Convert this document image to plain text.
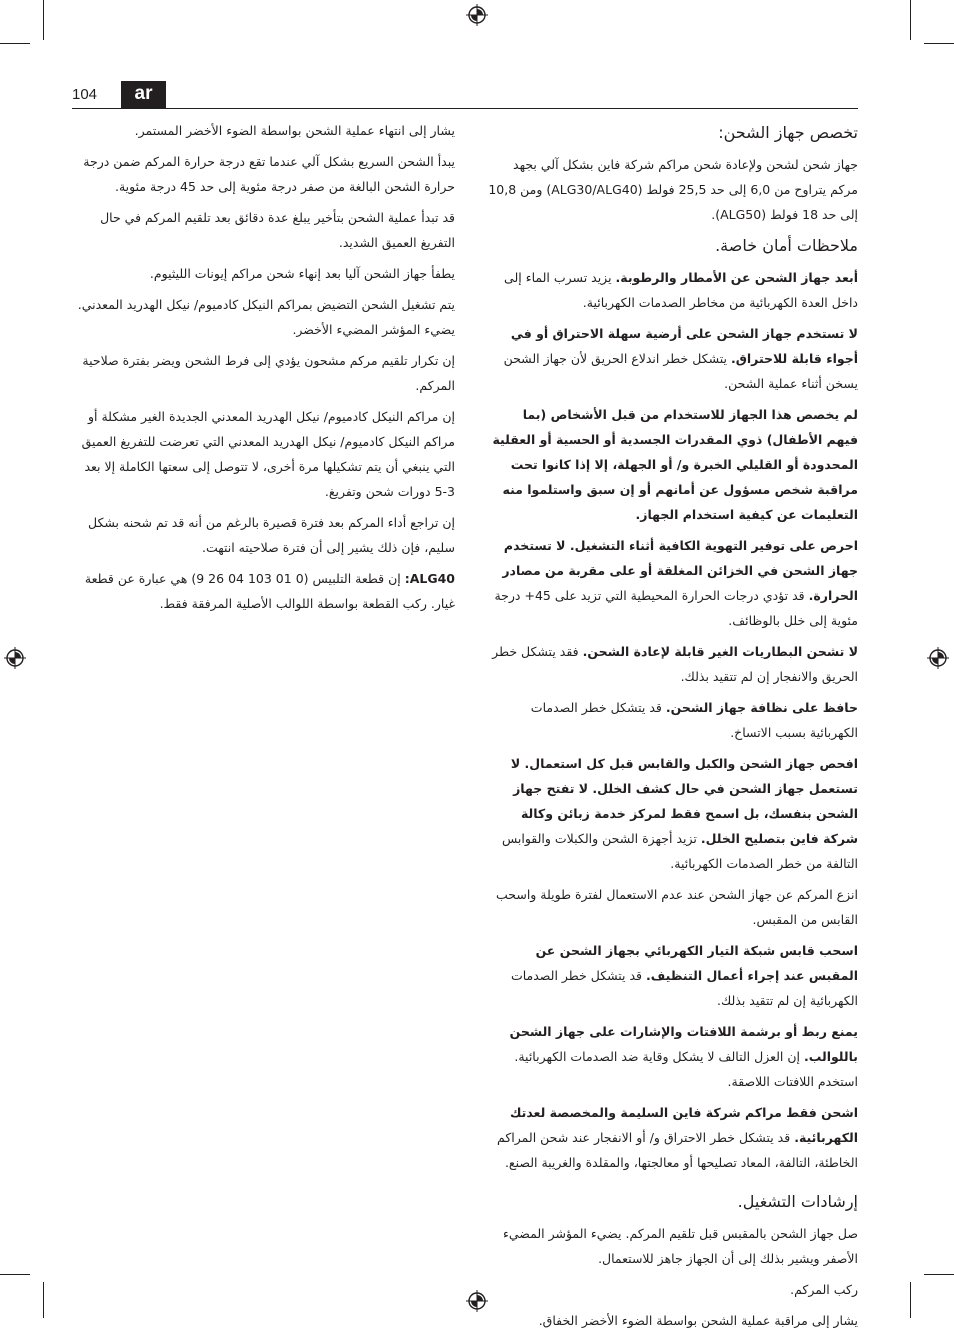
104	ar
تخصص جهاز الشحن:

جهاز شحن لشحن ولإعادة شحن مراكم شركة فاين بشكل آلي بجهد مركم يتراوح من 6,0 إلى حد 25,5 فولط (ALG30/ALG40) ومن 10,8 إلى حد 18 فولط (ALG50).

ملاحظات أمان خاصة.

أبعد جهاز الشحن عن الأمطار والرطوبة. يزيد تسرب الماء إلى داخل العدة الكهربائية من مخاطر الصدمات الكهربائية.

لا تستخدم جهاز الشحن على أرضية سهلة الاحتراق أو في أجواء قابلة للاحتراق. يتشكل خطر اندلاع الحريق لأن جهاز الشحن يسخن أثناء عملية الشحن.

لم يخصص هذا الجهاز للاستخدام من قبل الأشخاص (بما فيهم الأطفال) ذوي المقدرات الجسدية أو الحسية أو العقلية المحدودة أو القليلي الخبرة و/ أو الجهلة، إلا إذا كانوا تحت مراقبة شخص مسؤول عن أمانهم أو إن سبق واستلموا منه التعليمات عن كيفية استخدام الجهاز.

احرص على توفير التهوية الكافية أثناء التشغيل. لا تستخدم جهاز الشحن في الخزائن المغلقة أو على مقربة من مصادر الحرارة. قد تؤدي درجات الحرارة المحيطية التي تزيد على 45+ درجة مئوية إلى خلل بالوظائف.

لا تشحن البطاريات الغير قابلة لإعادة الشحن. فقد يتشكل خطر الحريق والانفجار إن لم تتقيد بذلك.

حافظ على نظافة جهاز الشحن. قد يتشكل خطر الصدمات الكهربائية بسبب الاتساخ.

افحص جهاز الشحن والكبل والقابس قبل كل استعمال. لا تستعمل جهاز الشحن في حال كشف الخلل. لا تفتح جهاز الشحن بنفسك، بل اسمح فقط لمركز خدمة زبائن وكالة شركة فاين بتصليح الخلل. تزيد أجهزة الشحن والكبلات والقوابس التالفة من خطر الصدمات الكهربائية.

انزع المركم عن جهاز الشحن عند عدم الاستعمال لفترة طويلة واسحب القابس من المقبس.

اسحب قابس شبكة التيار الكهربائي بجهاز الشحن عن المقبس عند إجراء أعمال التنظيف. قد يتشكل خطر الصدمات الكهربائية إن لم تتقيد بذلك.

يمنع ربط أو برشمة اللافتات والإشارات على جهاز الشحن باللوالب. إن العزل التالف لا يشكل وقاية ضد الصدمات الكهربائية. استخدم اللافتات اللاصقة.

اشحن فقط مراكم شركة فاين السليمة والمخصصة لعدتك الكهربائية. قد يتشكل خطر الاحتراق و/ أو الانفجار عند شحن المراكم الخاطئة، التالفة، المعاد تصليحها أو معالجتها، والمقلدة والغريبة الصنع.

إرشادات التشغيل.

صل جهاز الشحن بالمقبس قبل تلقيم المركم. يضيء المؤشر المضيء الأصفر ويشير بذلك إلى أن الجهاز جاهز للاستعمال.

ركب المركم.

يشار إلى مراقبة عملية الشحن بواسطة الضوء الأخضر الخفاق.

يشار إلى انتهاء عملية الشحن بواسطة الضوء الأخضر المستمر.

يبدأ الشحن السريع بشكل آلي عندما تقع درجة حرارة المركم ضمن درجة حرارة الشحن البالغة من صفر درجة مئوية إلى حد 45 درجة مئوية.

قد تبدأ عملية الشحن بتأخير يبلغ عدة دقائق بعد تلقيم المركم في حال التفريغ العميق الشديد.

يطفأ جهاز الشحن آليا بعد إنهاء شحن مراكم إيونات الليثيوم.

يتم تشغيل الشحن التضيض بمراكم النيكل كادميوم/ نيكل الهدريد المعدني. يضيء المؤشر المضيء الأخضر.

إن تكرار تلقيم مركم مشحون يؤدي إلى فرط الشحن ويضر بفترة صلاحية المركم.

إن مراكم النيكل كادميوم/ نيكل الهدريد المعدني الجديدة الغير مشكلة أو مراكم النيكل كادميوم/ نيكل الهدريد المعدني التي تعرضت للتفريغ العميق التي ينبغي أن يتم تشكيلها مرة أخرى، لا تتوصل إلى سعتها الكاملة إلا بعد 3-5 دورات شحن وتفريغ.

إن تراجع أداء المركم بعد فترة قصيرة بالرغم من أنه قد تم شحنه بشكل سليم، فإن ذلك يشير إلى أن فترة صلاحيته انتهت.

ALG40: إن قطعة التلبيس (0 01 103 04 26 9) هي عبارة عن قطعة غيار. ركب القطعة بواسطة اللوالب الأصلية المرفقة فقط.
